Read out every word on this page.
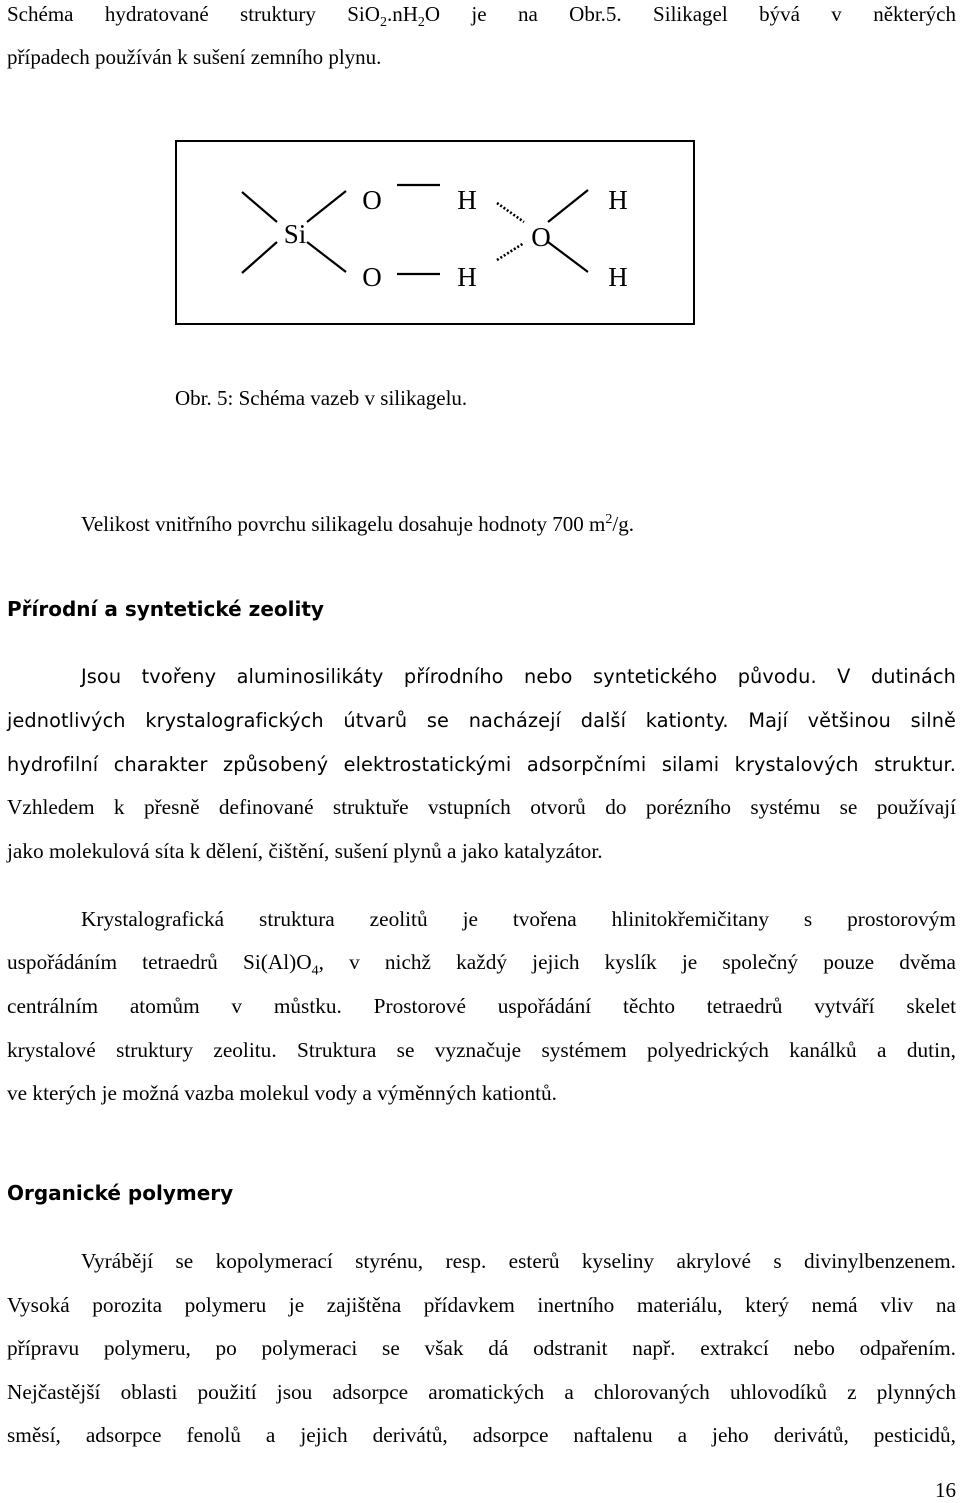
Schéma hydratované struktury $SiO_2.nH_2O$ je na Obr.5. Silikagel bývá v některých
případech používán k sušení zemního plynu.
Si
O
O
H
H
O
H
H
Obr. 5: Schéma vazeb v silikagelu.
Velikost vnitřního povrchu silikagelu dosahuje hodnoty 700 $m^2/g$.
Přírodní a syntetické zeolity
Jsou tvořeny aluminosilikáty přírodního nebo syntetického původu. V dutinách
jednotlivých krystalografických útvarů se nacházejí další kationty. Mají většinou silně
hydrofilní charakter způsobený elektrostatickými adsorpčními silami krystalových struktur.
Vzhledem k přesně definované struktuře vstupních otvorů do porézního systému se používají
jako molekulová síta k dělení, čištění, sušení plynů a jako katalyzátor.
Krystalografická struktura zeolitů je tvořena hlinitokřemičitany s prostorovým
uspořádáním tetraedrů $Si(Al)O_4$, v nichž každý jejich kyslík je společný pouze dvěma
centrálním atomům v můstku. Prostorové uspořádání těchto tetraedrů vytváří skelet
krystalové struktury zeolitu. Struktura se vyznačuje systémem polyedrických kanálků a dutin,
ve kterých je možná vazba molekul vody a výměnných kationtů.
Organické polymery
Vyrábějí se kopolymerací styrénu, resp. esterů kyseliny akrylové s divinylbenzenem.
Vysoká porozita polymeru je zajištěna přídavkem inertního materiálu, který nemá vliv na
přípravu polymeru, po polymeraci se však dá odstranit např. extrakcí nebo odpařením.
Nejčastější oblasti použití jsou adsorpce aromatických a chlorovaných uhlovodíků z plynných
směsí, adsorpce fenolů a jejich derivátů, adsorpce naftalenu a jeho derivátů, pesticidů,
16
